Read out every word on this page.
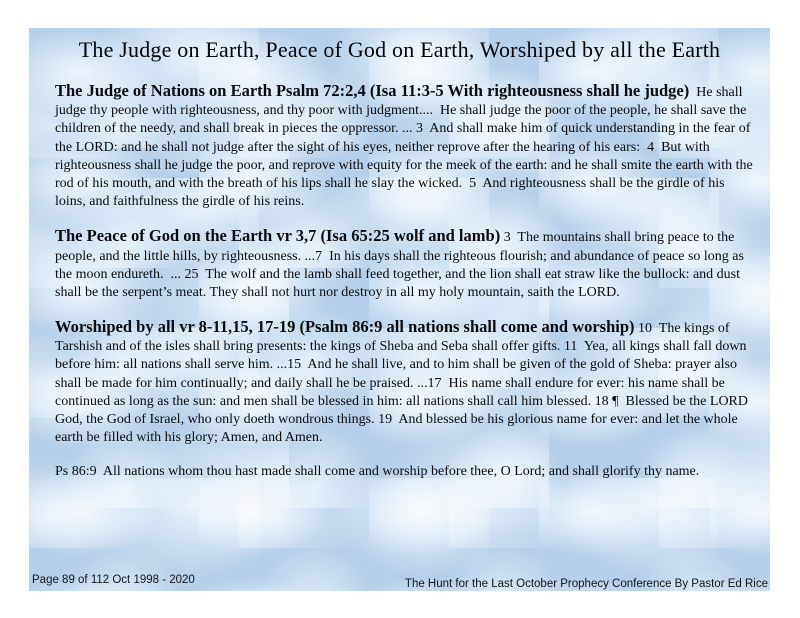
The Judge on Earth, Peace of God on Earth, Worshiped by all the Earth

The Judge of Nations on Earth Psalm 72:2,4 (Isa 11:3-5 With righteousness shall he judge)  He shall judge thy people with righteousness, and thy poor with judgment....  He shall judge the poor of the people, he shall save the children of the needy, and shall break in pieces the oppressor. ... 3  And shall make him of quick understanding in the fear of the LORD: and he shall not judge after the sight of his eyes, neither reprove after the hearing of his ears:  4  But with righteousness shall he judge the poor, and reprove with equity for the meek of the earth: and he shall smite the earth with the rod of his mouth, and with the breath of his lips shall he slay the wicked.  5  And righteousness shall be the girdle of his loins, and faithfulness the girdle of his reins.

The Peace of God on the Earth vr 3,7 (Isa 65:25 wolf and lamb) 3  The mountains shall bring peace to the people, and the little hills, by righteousness. ...7  In his days shall the righteous flourish; and abundance of peace so long as the moon endureth.  ... 25  The wolf and the lamb shall feed together, and the lion shall eat straw like the bullock: and dust shall be the serpent’s meat. They shall not hurt nor destroy in all my holy mountain, saith the LORD.

Worshiped by all vr 8-11,15, 17-19 (Psalm 86:9 all nations shall come and worship) 10  The kings of Tarshish and of the isles shall bring presents: the kings of Sheba and Seba shall offer gifts. 11  Yea, all kings shall fall down before him: all nations shall serve him. ...15  And he shall live, and to him shall be given of the gold of Sheba: prayer also shall be made for him continually; and daily shall he be praised. ...17  His name shall endure for ever: his name shall be continued as long as the sun: and men shall be blessed in him: all nations shall call him blessed. 18 ¶  Blessed be the LORD God, the God of Israel, who only doeth wondrous things. 19  And blessed be his glorious name for ever: and let the whole earth be filled with his glory; Amen, and Amen.

Ps 86:9  All nations whom thou hast made shall come and worship before thee, O Lord; and shall glorify thy name.

Page 89 of 112 Oct 1998 - 2020	The Hunt for the Last October Prophecy Conference By Pastor Ed Rice
